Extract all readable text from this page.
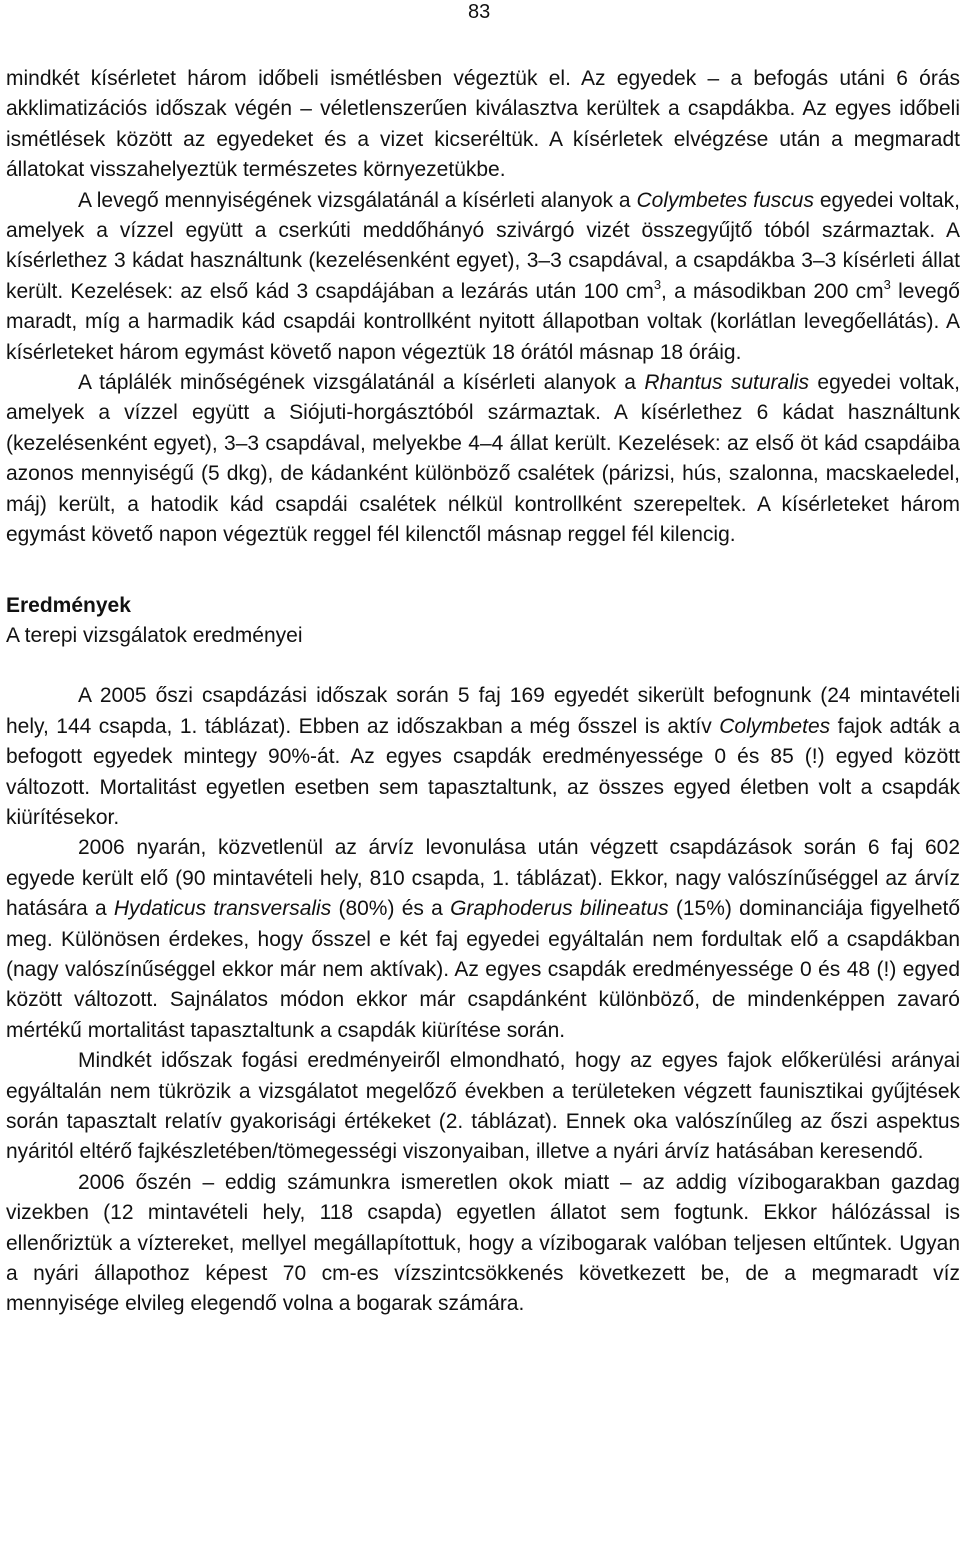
83

mindkét kísérletet három időbeli ismétlésben végeztük el. Az egyedek – a befogás utáni 6 órás akklimatizációs időszak végén – véletlenszerűen kiválasztva kerültek a csapdákba. Az egyes időbeli ismétlések között az egyedeket és a vizet kicseréltük. A kísérletek elvégzése után a megmaradt állatokat visszahelyeztük természetes környezetükbe.

A levegő mennyiségének vizsgálatánál a kísérleti alanyok a Colymbetes fuscus egyedei voltak, amelyek a vízzel együtt a cserkúti meddőhányó szivárgó vizét összegyűjtő tóból származtak. A kísérlethez 3 kádat használtunk (kezelésenként egyet), 3–3 csapdával, a csapdákba 3–3 kísérleti állat került. Kezelések: az első kád 3 csapdájában a lezárás után 100 $cm^3$, a másodikban 200 $cm^3$ levegő maradt, míg a harmadik kád csapdái kontrollként nyitott állapotban voltak (korlátlan levegőellátás). A kísérleteket három egymást követő napon végeztük 18 órától másnap 18 óráig.

A táplálék minőségének vizsgálatánál a kísérleti alanyok a Rhantus suturalis egyedei voltak, amelyek a vízzel együtt a Siójuti-horgásztóból származtak. A kísérlethez 6 kádat használtunk (kezelésenként egyet), 3–3 csapdával, melyekbe 4–4 állat került. Kezelések: az első öt kád csapdáiba azonos mennyiségű (5 dkg), de kádanként különböző csalétek (párizsi, hús, szalonna, macskaeledel, máj) került, a hatodik kád csapdái csalétek nélkül kontrollként szerepeltek. A kísérleteket három egymást követő napon végeztük reggel fél kilenctől másnap reggel fél kilencig.

Eredmények

A terepi vizsgálatok eredményei

A 2005 őszi csapdázási időszak során 5 faj 169 egyedét sikerült befognunk (24 mintavételi hely, 144 csapda, 1. táblázat). Ebben az időszakban a még ősszel is aktív Colymbetes fajok adták a befogott egyedek mintegy 90%-át. Az egyes csapdák eredményessége 0 és 85 (!) egyed között változott. Mortalitást egyetlen esetben sem tapasztaltunk, az összes egyed életben volt a csapdák kiürítésekor.

2006 nyarán, közvetlenül az árvíz levonulása után végzett csapdázások során 6 faj 602 egyede került elő (90 mintavételi hely, 810 csapda, 1. táblázat). Ekkor, nagy valószínűséggel az árvíz hatására a Hydaticus transversalis (80%) és a Graphoderus bilineatus (15%) dominanciája figyelhető meg. Különösen érdekes, hogy ősszel e két faj egyedei egyáltalán nem fordultak elő a csapdákban (nagy valószínűséggel ekkor már nem aktívak). Az egyes csapdák eredményessége 0 és 48 (!) egyed között változott. Sajnálatos módon ekkor már csapdánként különböző, de mindenképpen zavaró mértékű mortalitást tapasztaltunk a csapdák kiürítése során.

Mindkét időszak fogási eredményeiről elmondható, hogy az egyes fajok előkerülési arányai egyáltalán nem tükrözik a vizsgálatot megelőző években a területeken végzett faunisztikai gyűjtések során tapasztalt relatív gyakorisági értékeket (2. táblázat). Ennek oka valószínűleg az őszi aspektus nyáritól eltérő fajkészletében/tömegességi viszonyaiban, illetve a nyári árvíz hatásában keresendő.

2006 őszén – eddig számunkra ismeretlen okok miatt – az addig vízibogarakban gazdag vizekben (12 mintavételi hely, 118 csapda) egyetlen állatot sem fogtunk. Ekkor hálózással is ellenőriztük a víztereket, mellyel megállapítottuk, hogy a vízibogarak valóban teljesen eltűntek. Ugyan a nyári állapothoz képest 70 cm-es vízszintcsökkenés következett be, de a megmaradt víz mennyisége elvileg elegendő volna a bogarak számára.
